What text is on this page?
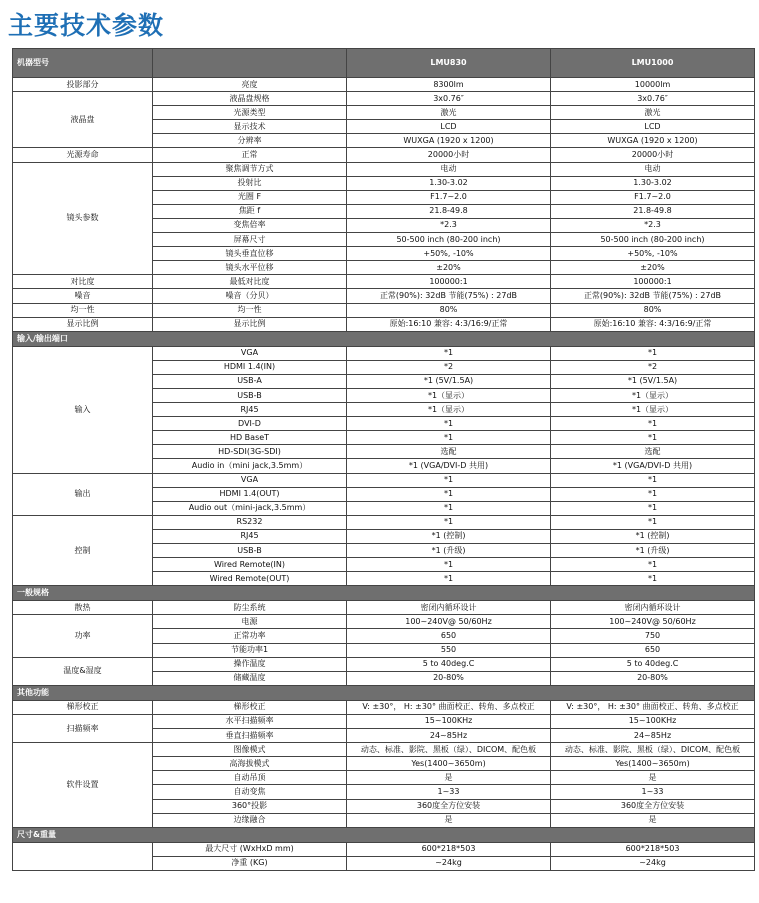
主要技术参数
机器型号		LMU830	LMU1000
投影部分	亮度	8300lm	10000lm
液晶盘	液晶盘规格	3x0.76″	3x0.76″
	光源类型	激光	激光
	显示技术	LCD	LCD
	分辨率	WUXGA (1920 x 1200)	WUXGA (1920 x 1200)
光源寿命	正常	20000小时	20000小时
镜头参数	聚焦调节方式	电动	电动
	投射比	1.30-3.02	1.30-3.02
	光圈 F	F1.7~2.0	F1.7~2.0
	焦距 f	21.8-49.8	21.8-49.8
	变焦倍率	*2.3	*2.3
	屏幕尺寸	50-500 inch (80-200 inch)	50-500 inch (80-200 inch)
	镜头垂直位移	+50%, -10%	+50%, -10%
	镜头水平位移	±20%	±20%
对比度	最低对比度	100000:1	100000:1
噪音	噪音（分贝）	正常(90%): 32dB 节能(75%) : 27dB	正常(90%): 32dB 节能(75%) : 27dB
均一性	均一性	80%	80%
显示比例	显示比例	原始:16:10 兼容: 4:3/16:9/正常	原始:16:10 兼容: 4:3/16:9/正常
输入/输出端口			
输入	VGA	*1	*1
	HDMI 1.4(IN)	*2	*2
	USB-A	*1 (5V/1.5A)	*1 (5V/1.5A)
	USB-B	*1（显示）	*1（显示）
	RJ45	*1（显示）	*1（显示）
	DVI-D	*1	*1
	HD BaseT	*1	*1
	HD-SDI(3G-SDI)	选配	选配
	Audio in（mini jack,3.5mm）	*1 (VGA/DVI-D 共用)	*1 (VGA/DVI-D 共用)
输出	VGA	*1	*1
	HDMI 1.4(OUT)	*1	*1
	Audio out（mini-jack,3.5mm）	*1	*1
控制	RS232	*1	*1
	RJ45	*1 (控制)	*1 (控制)
	USB-B	*1 (升级)	*1 (升级)
	Wired Remote(IN)	*1	*1
	Wired Remote(OUT)	*1	*1
一般规格			
散热	防尘系统	密闭内循环设计	密闭内循环设计
功率	电源	100~240V@ 50/60Hz	100~240V@ 50/60Hz
	正常功率	650	750
	节能功率1	550	650
温度&湿度	操作温度	5 to 40deg.C	5 to 40deg.C
	储藏温度	20-80%	20-80%
其他功能			
梯形校正	梯形校正	V: ±30°， H: ±30° 曲面校正、转角、多点校正	V: ±30°， H: ±30° 曲面校正、转角、多点校正
扫描频率	水平扫描频率	15~100KHz	15~100KHz
	垂直扫描频率	24~85Hz	24~85Hz
软件设置	图像模式	动态、标准、影院、黑板（绿）、DICOM、配色板	动态、标准、影院、黑板（绿）、DICOM、配色板
	高海拔模式	Yes(1400~3650m)	Yes(1400~3650m)
	自动吊顶	是	是
	自动变焦	1~33	1~33
	360°投影	360度全方位安装	360度全方位安装
	边缘融合	是	是
尺寸&重量			
	最大尺寸 (WxHxD mm)	600*218*503	600*218*503
	净重 (KG)	~24kg	~24kg
